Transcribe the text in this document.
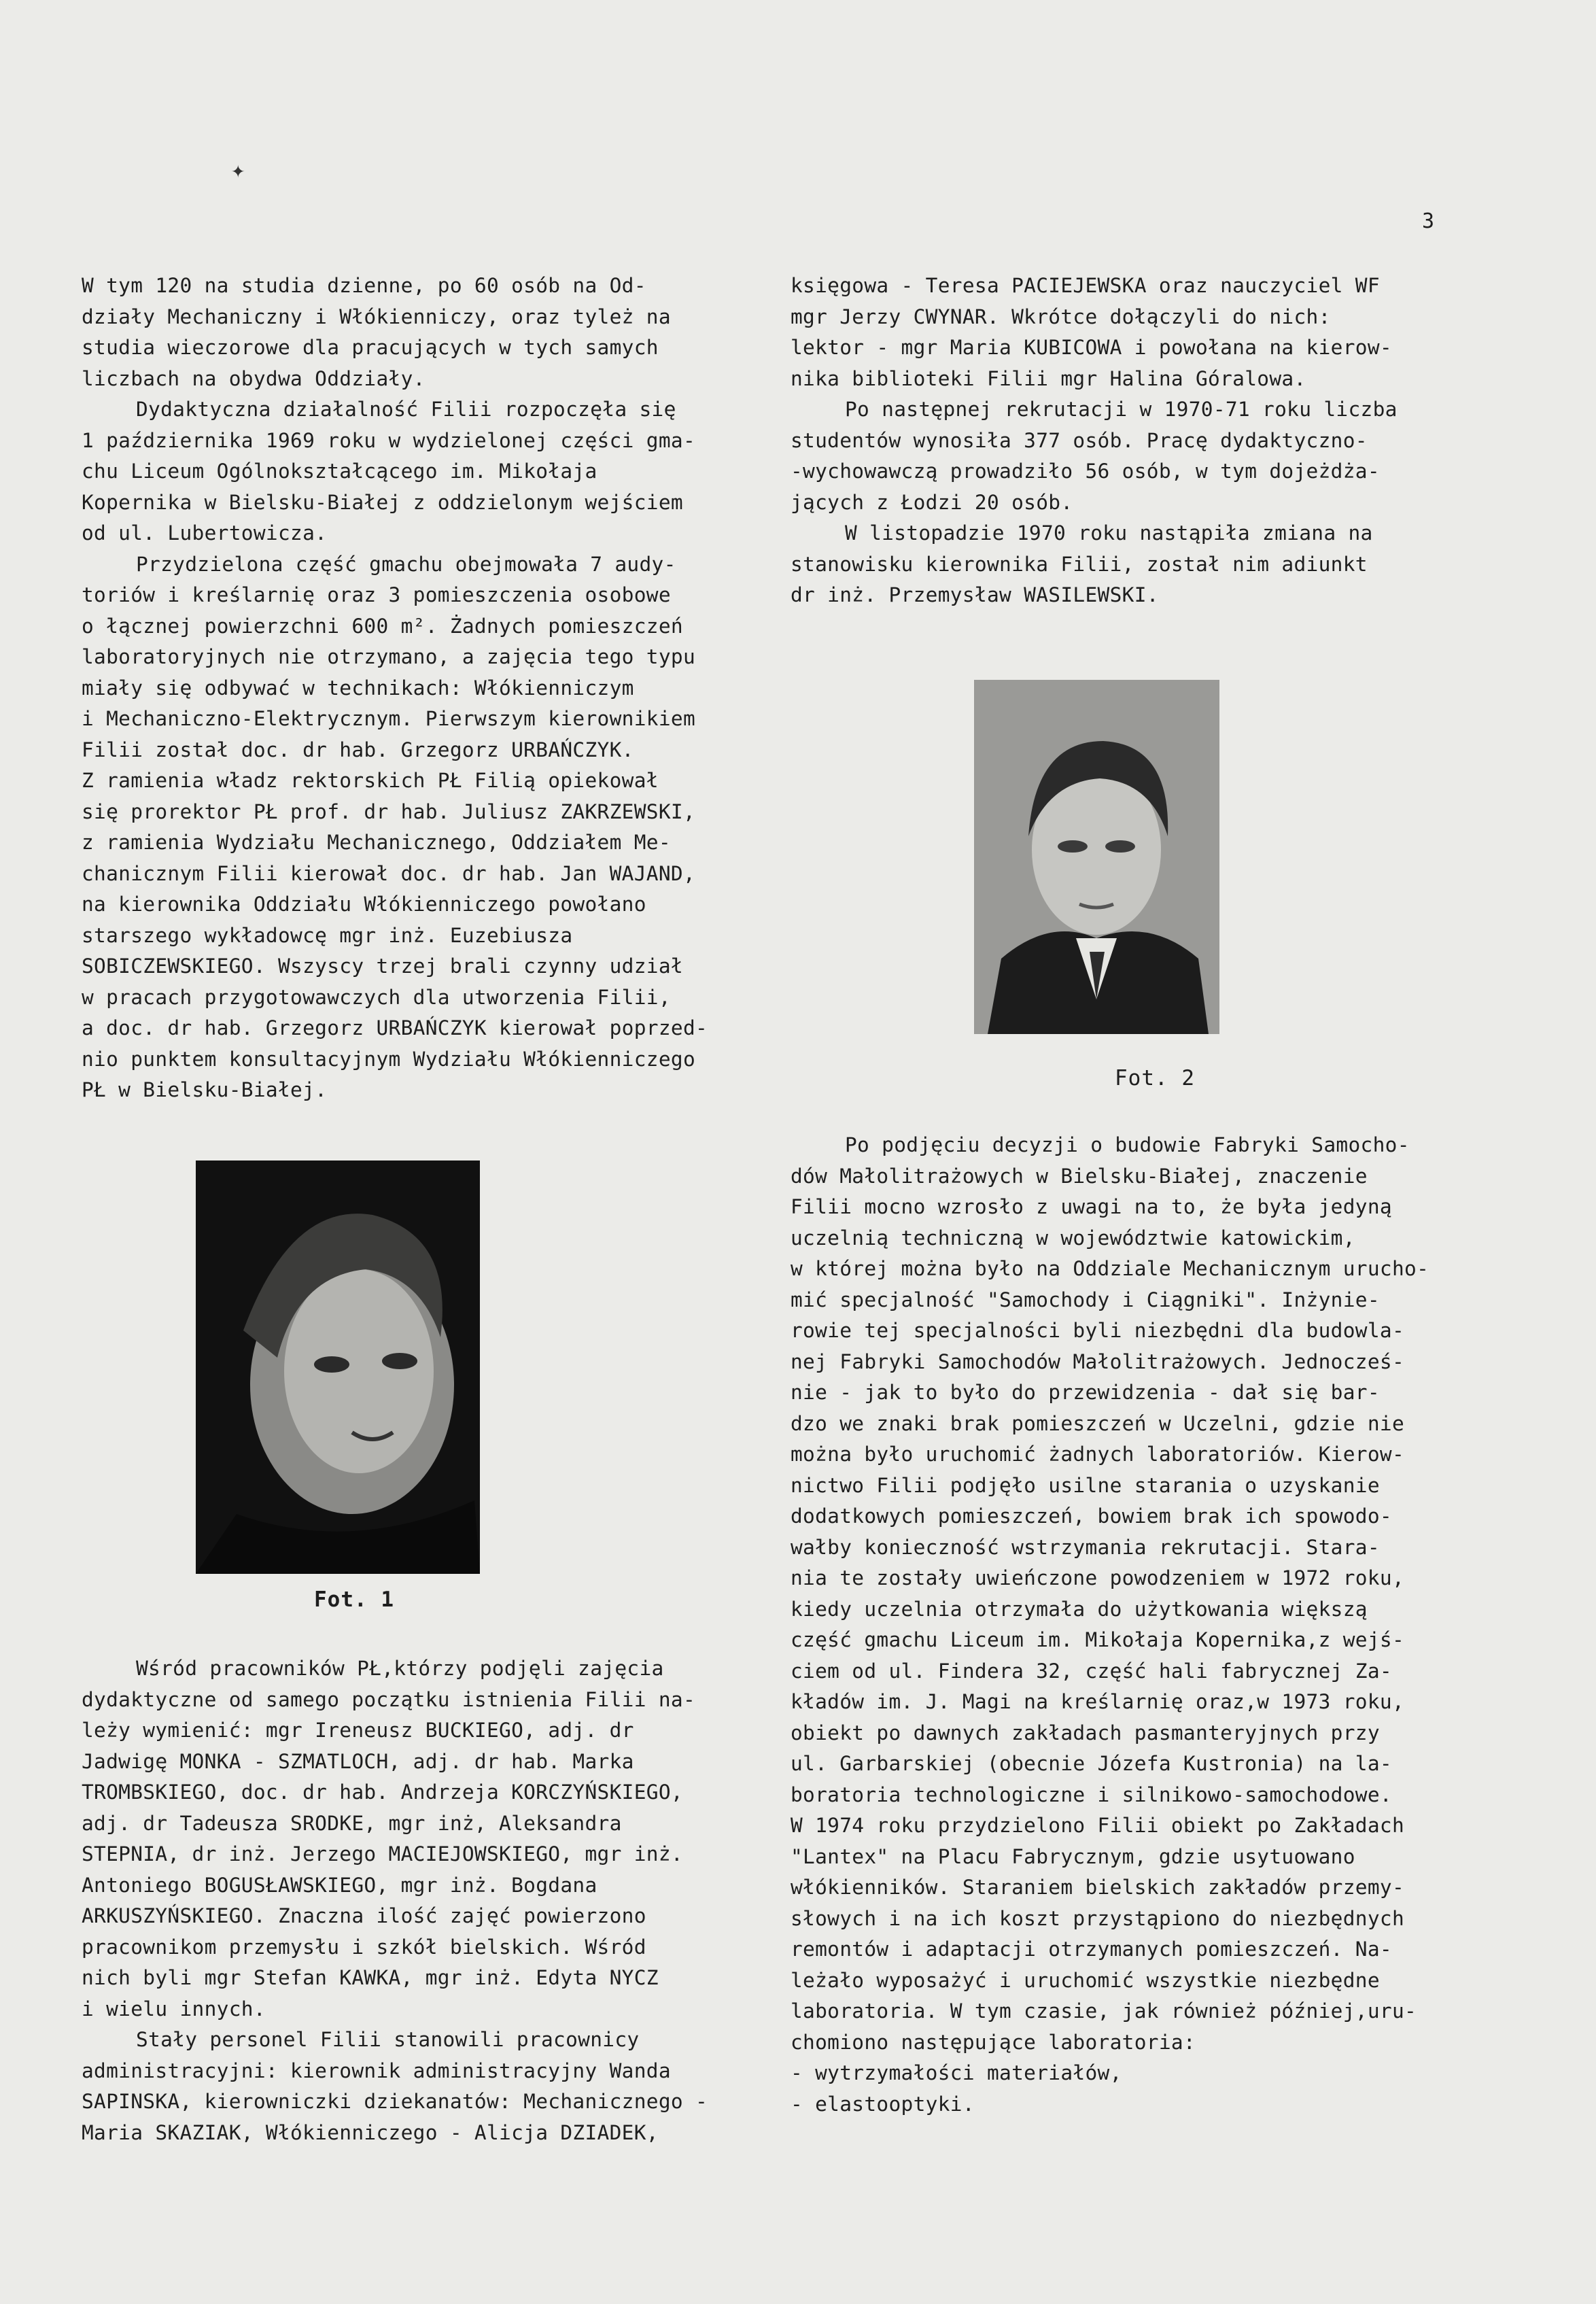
✦
3
W tym 120 na studia dzienne, po 60 osób na Od-
działy Mechaniczny i Włókienniczy, oraz tyleż na
studia wieczorowe dla pracujących w tych samych
liczbach na obydwa Oddziały.
Dydaktyczna działalność Filii rozpoczęła się
1 października 1969 roku w wydzielonej części gma-
chu Liceum Ogólnokształcącego im. Mikołaja
Kopernika w Bielsku-Białej z oddzielonym wejściem
od ul. Lubertowicza.
Przydzielona część gmachu obejmowała 7 audy-
toriów i kreślarnię oraz 3 pomieszczenia osobowe
o łącznej powierzchni 600 m². Żadnych pomieszczeń
laboratoryjnych nie otrzymano, a zajęcia tego typu
miały się odbywać w technikach: Włókienniczym
i Mechaniczno-Elektrycznym. Pierwszym kierownikiem
Filii został doc. dr hab. Grzegorz URBAŃCZYK.
Z ramienia władz rektorskich PŁ Filią opiekował
się prorektor PŁ prof. dr hab. Juliusz ZAKRZEWSKI,
z ramienia Wydziału Mechanicznego, Oddziałem Me-
chanicznym Filii kierował doc. dr hab. Jan WAJAND,
na kierownika Oddziału Włókienniczego powołano
starszego wykładowcę mgr inż. Euzebiusza
SOBICZEWSKIEGO. Wszyscy trzej brali czynny udział
w pracach przygotowawczych dla utworzenia Filii,
a doc. dr hab. Grzegorz URBAŃCZYK kierował poprzed-
nio punktem konsultacyjnym Wydziału Włókienniczego
PŁ w Bielsku-Białej.
Fot. 1
Wśród pracowników PŁ,którzy podjęli zajęcia
dydaktyczne od samego początku istnienia Filii na-
leży wymienić: mgr Ireneusz BUCKIEGO, adj. dr
Jadwigę MONKA - SZMATLOCH, adj. dr hab. Marka
TROMBSKIEGO, doc. dr hab. Andrzeja KORCZYŃSKIEGO,
adj. dr Tadeusza SRODKE, mgr inż, Aleksandra
STEPNIA, dr inż. Jerzego MACIEJOWSKIEGO, mgr inż.
Antoniego BOGUSŁAWSKIEGO, mgr inż. Bogdana
ARKUSZYŃSKIEGO. Znaczna ilość zajęć powierzono
pracownikom przemysłu i szkół bielskich. Wśród
nich byli mgr Stefan KAWKA, mgr inż. Edyta NYCZ
i wielu innych.
Stały personel Filii stanowili pracownicy
administracyjni: kierownik administracyjny Wanda
SAPINSKA, kierowniczki dziekanatów: Mechanicznego -
Maria SKAZIAK, Włókienniczego - Alicja DZIADEK,
księgowa - Teresa PACIEJEWSKA oraz nauczyciel WF
mgr Jerzy CWYNAR. Wkrótce dołączyli do nich:
lektor - mgr Maria KUBICOWA i powołana na kierow-
nika biblioteki Filii mgr Halina Góralowa.
Po następnej rekrutacji w 1970-71 roku liczba
studentów wynosiła 377 osób. Pracę dydaktyczno-
-wychowawczą prowadziło 56 osób, w tym dojeżdża-
jących z Łodzi 20 osób.
W listopadzie 1970 roku nastąpiła zmiana na
stanowisku kierownika Filii, został nim adiunkt
dr inż. Przemysław WASILEWSKI.
Fot. 2
Po podjęciu decyzji o budowie Fabryki Samocho-
dów Małolitrażowych w Bielsku-Białej, znaczenie
Filii mocno wzrosło z uwagi na to, że była jedyną
uczelnią techniczną w województwie katowickim,
w której można było na Oddziale Mechanicznym urucho-
mić specjalność "Samochody i Ciągniki". Inżynie-
rowie tej specjalności byli niezbędni dla budowla-
nej Fabryki Samochodów Małolitrażowych. Jednocześ-
nie - jak to było do przewidzenia - dał się bar-
dzo we znaki brak pomieszczeń w Uczelni, gdzie nie
można było uruchomić żadnych laboratoriów. Kierow-
nictwo Filii podjęło usilne starania o uzyskanie
dodatkowych pomieszczeń, bowiem brak ich spowodo-
wałby konieczność wstrzymania rekrutacji. Stara-
nia te zostały uwieńczone powodzeniem w 1972 roku,
kiedy uczelnia otrzymała do użytkowania większą
część gmachu Liceum im. Mikołaja Kopernika,z wejś-
ciem od ul. Findera 32, część hali fabrycznej Za-
kładów im. J. Magi na kreślarnię oraz,w 1973 roku,
obiekt po dawnych zakładach pasmanteryjnych przy
ul. Garbarskiej (obecnie Józefa Kustronia) na la-
boratoria technologiczne i silnikowo-samochodowe.
W 1974 roku przydzielono Filii obiekt po Zakładach
"Lantex" na Placu Fabrycznym, gdzie usytuowano
włókienników. Staraniem bielskich zakładów przemy-
słowych i na ich koszt przystąpiono do niezbędnych
remontów i adaptacji otrzymanych pomieszczeń. Na-
leżało wyposażyć i uruchomić wszystkie niezbędne
laboratoria. W tym czasie, jak również później,uru-
chomiono następujące laboratoria:
- wytrzymałości materiałów,
- elastooptyki.
